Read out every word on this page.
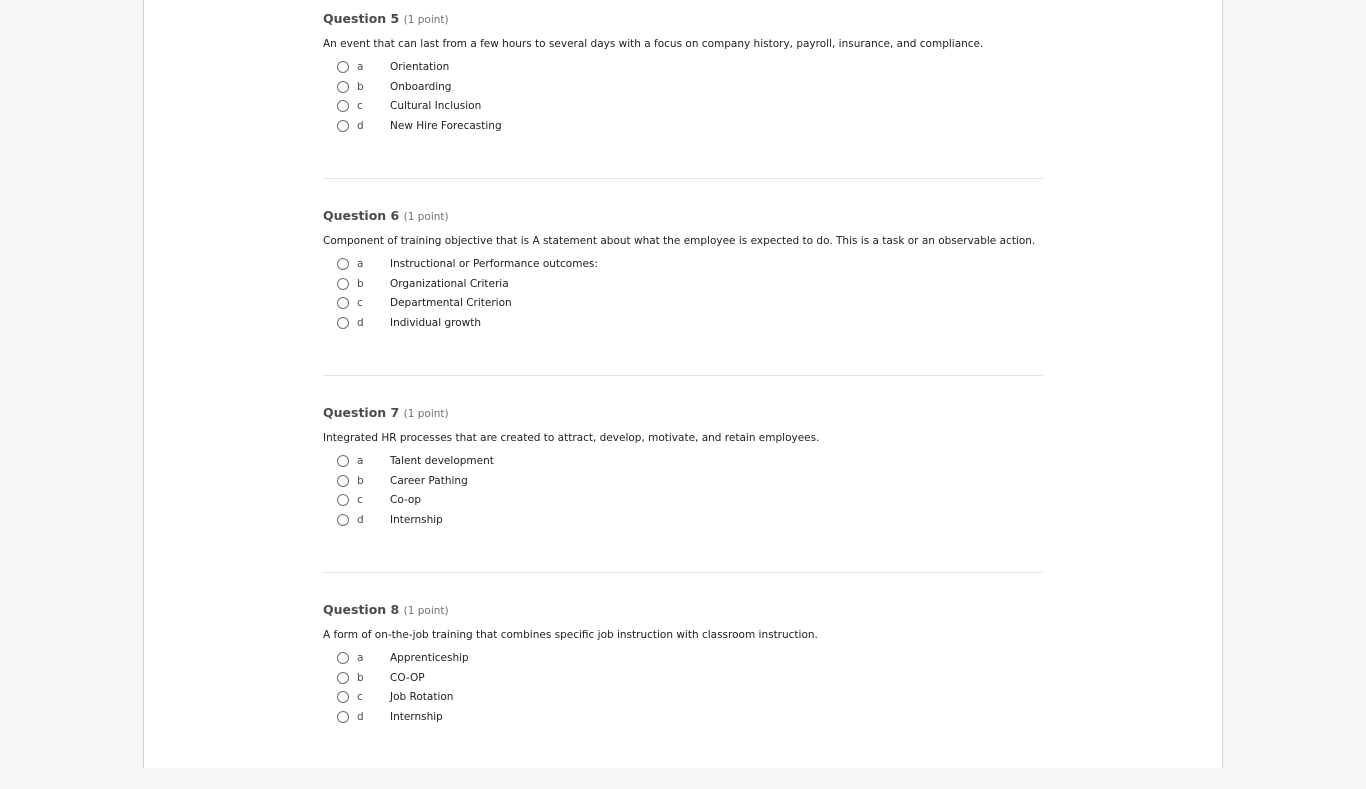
Question 5 (1 point)
An event that can last from a few hours to several days with a focus on company history, payroll, insurance, and compliance.
a	Orientation
b	Onboarding
c	Cultural Inclusion
d	New Hire Forecasting
Question 6 (1 point)
Component of training objective that is A statement about what the employee is expected to do. This is a task or an observable action.
a	Instructional or Performance outcomes:
b	Organizational Criteria
c	Departmental Criterion
d	Individual growth
Question 7 (1 point)
Integrated HR processes that are created to attract, develop, motivate, and retain employees.
a	Talent development
b	Career Pathing
c	Co-op
d	Internship
Question 8 (1 point)
A form of on-the-job training that combines specific job instruction with classroom instruction.
a	Apprenticeship
b	CO-OP
c	Job Rotation
d	Internship
